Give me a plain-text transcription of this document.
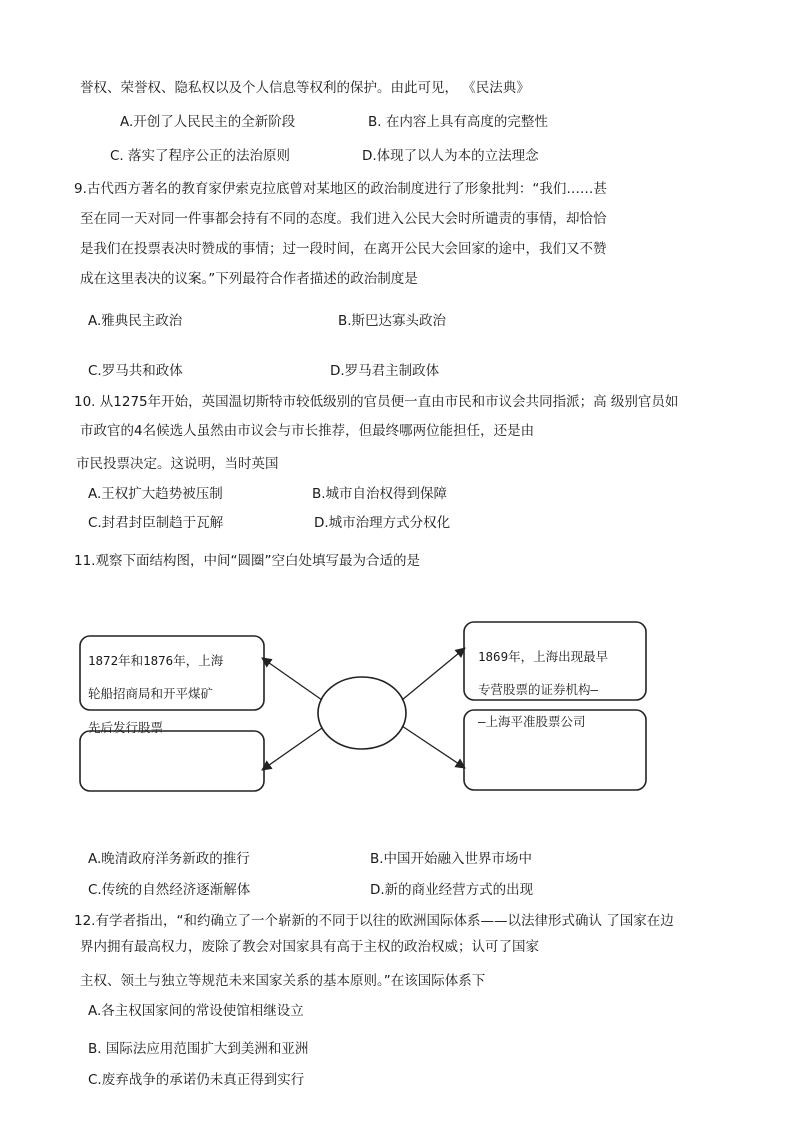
誉权、荣誉权、隐私权以及个人信息等权利的保护。由此可见， 《民法典》
A.开创了人民民主的全新阶段	B. 在内容上具有高度的完整性
C. 落实了程序公正的法治原则	D.体现了以人为本的立法理念
9.古代西方著名的教育家伊索克拉底曾对某地区的政治制度进行了形象批判：“我们……甚
至在同一天对同一件事都会持有不同的态度。我们进入公民大会时所谴责的事情，却恰恰
是我们在投票表决时赞成的事情；过一段时间，在离开公民大会回家的途中，我们又不赞
成在这里表决的议案。”下列最符合作者描述的政治制度是
A.雅典民主政治	B.斯巴达寡头政治
C.罗马共和政体	D.罗马君主制政体
10. 从1275年开始，英国温切斯特市较低级别的官员便一直由市民和市议会共同指派；高 级别官员如
市政官的4名候选人虽然由市议会与市长推荐，但最终哪两位能担任，还是由
市民投票决定。这说明，当时英国
A.王权扩大趋势被压制	B.城市自治权得到保障
C.封君封臣制趋于瓦解	D.城市治理方式分权化
11.观察下面结构图，中间“圆圈”空白处填写最为合适的是
1872年和1876年，上海
轮船招商局和开平煤矿
先后发行股票
1869年，上海出现最早
专营股票的证券机构—
—上海平准股票公司
A.晚清政府洋务新政的推行	B.中国开始融入世界市场中
C.传统的自然经济逐渐解体	D.新的商业经营方式的出现
12.有学者指出，“和约确立了一个崭新的不同于以往的欧洲国际体系——以法律形式确认 了国家在边
界内拥有最高权力，废除了教会对国家具有高于主权的政治权威；认可了国家
主权、领土与独立等规范未来国家关系的基本原则。”在该国际体系下
A.各主权国家间的常设使馆相继设立
B. 国际法应用范围扩大到美洲和亚洲
C.废弃战争的承诺仍未真正得到实行
